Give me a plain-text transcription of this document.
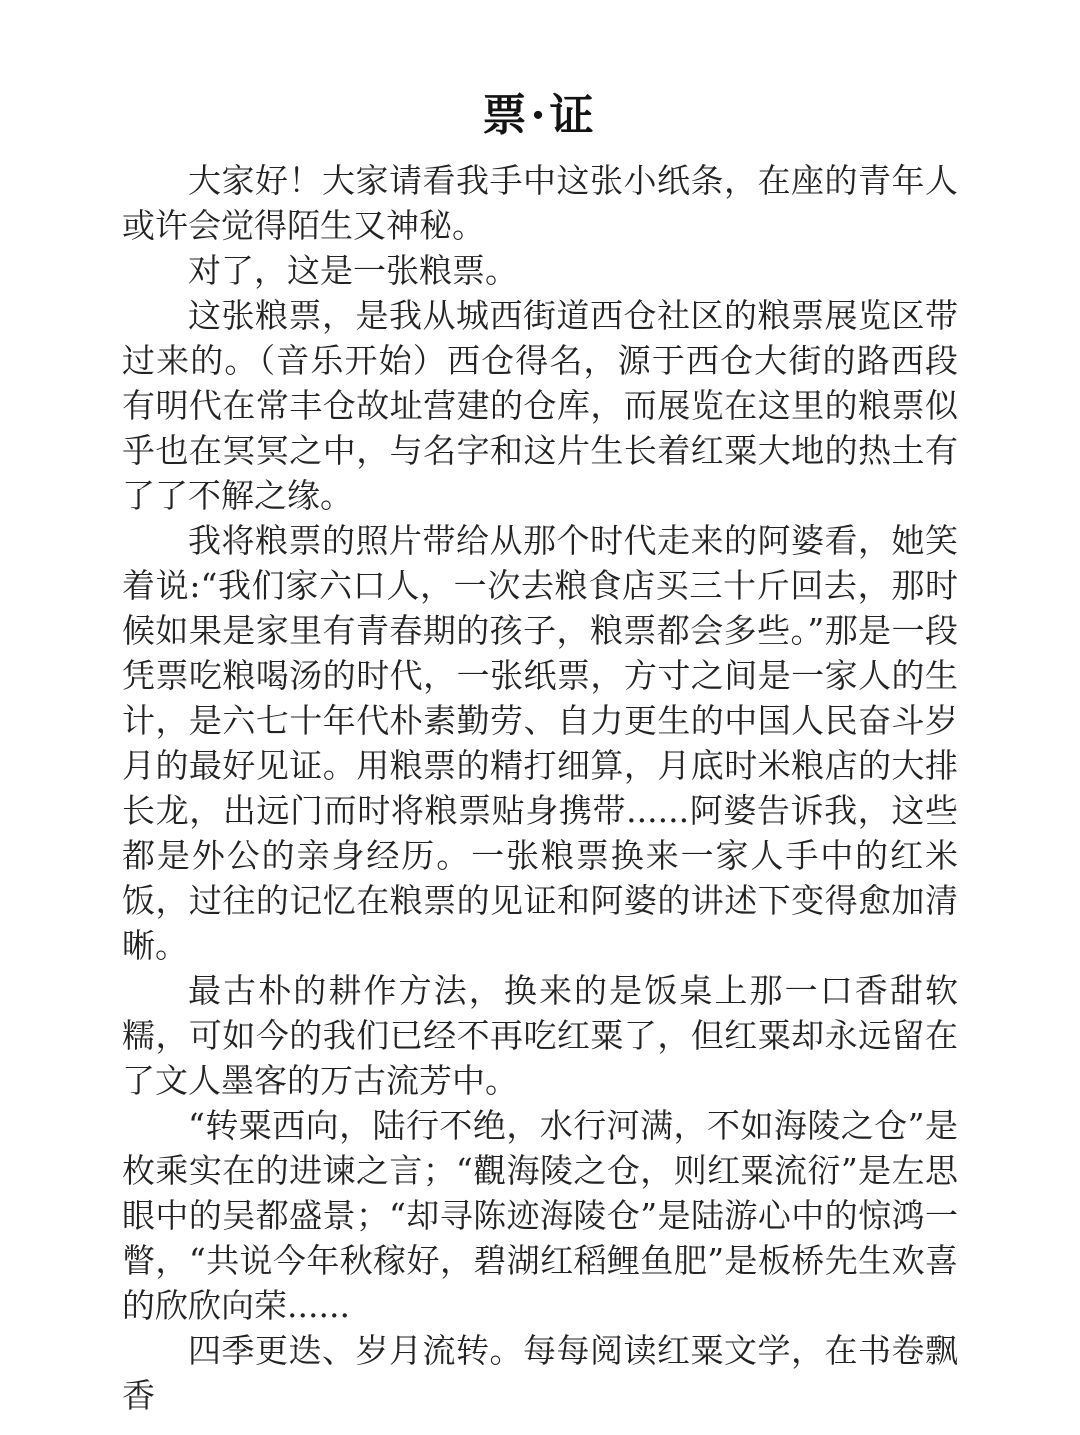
票·证

大家好！大家请看我手中这张小纸条，在座的青年人或许会觉得陌生又神秘。

对了，这是一张粮票。

这张粮票，是我从城西街道西仓社区的粮票展览区带过来的。（音乐开始）西仓得名，源于西仓大街的路西段有明代在常丰仓故址营建的仓库，而展览在这里的粮票似乎也在冥冥之中，与名字和这片生长着红粟大地的热土有了了不解之缘。

我将粮票的照片带给从那个时代走来的阿婆看，她笑着说:“我们家六口人，一次去粮食店买三十斤回去，那时候如果是家里有青春期的孩子，粮票都会多些。”那是一段凭票吃粮喝汤的时代，一张纸票，方寸之间是一家人的生计，是六七十年代朴素勤劳、自力更生的中国人民奋斗岁月的最好见证。用粮票的精打细算，月底时米粮店的大排长龙，出远门而时将粮票贴身携带......阿婆告诉我，这些都是外公的亲身经历。一张粮票换来一家人手中的红米饭，过往的记忆在粮票的见证和阿婆的讲述下变得愈加清晰。

最古朴的耕作方法，换来的是饭桌上那一口香甜软糯，可如今的我们已经不再吃红粟了，但红粟却永远留在了文人墨客的万古流芳中。

“转粟西向，陆行不绝，水行河满，不如海陵之仓”是枚乘实在的进谏之言；“觀海陵之仓，则红粟流衍”是左思眼中的吴都盛景；“却寻陈迹海陵仓”是陆游心中的惊鸿一瞥，“共说今年秋稼好，碧湖红稻鲤鱼肥”是板桥先生欢喜的欣欣向荣......

四季更迭、岁月流转。每每阅读红粟文学，在书卷飘香
